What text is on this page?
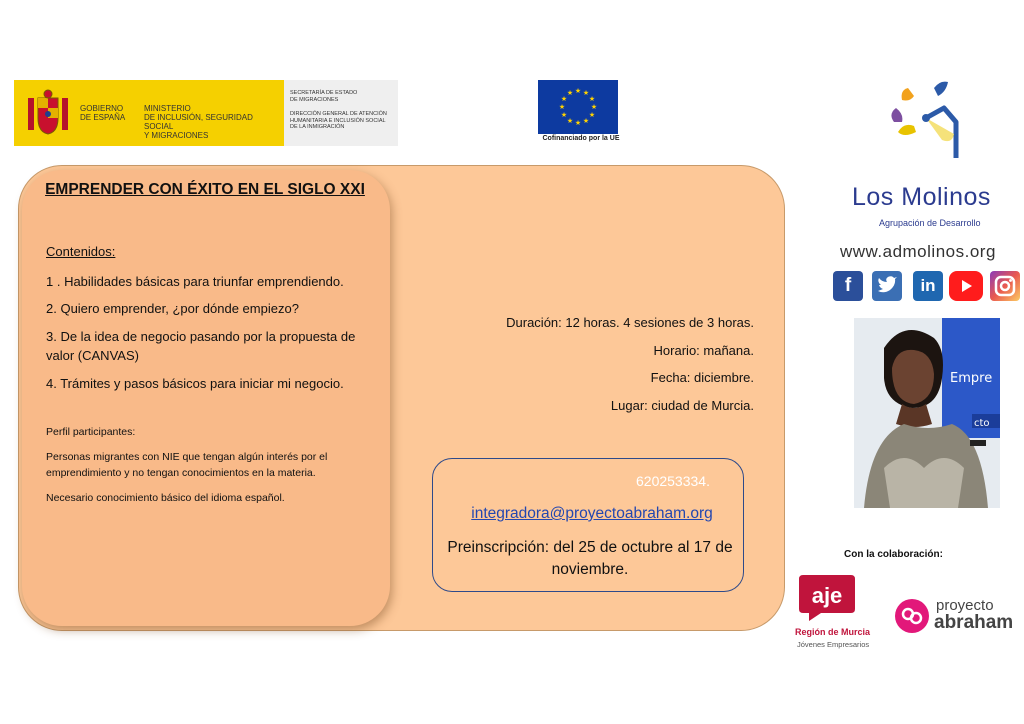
GOBIERNO
DE ESPAÑA
MINISTERIO
DE INCLUSIÓN, SEGURIDAD SOCIAL
Y MIGRACIONES
SECRETARÍA DE ESTADO
DE MIGRACIONES
DIRECCIÓN GENERAL DE ATENCIÓN
HUMANITARIA E INCLUSIÓN SOCIAL
DE LA INMIGRACIÓN
★ ★
★
★
★
★
★
★
★
★
★
★
Cofinanciado por la UE
EMPRENDER CON ÉXITO EN EL SIGLO XXI
Contenidos:
1 . Habilidades básicas para triunfar emprendiendo.
2. Quiero emprender, ¿por dónde empiezo?
3. De la idea de negocio pasando por la propuesta de valor (CANVAS)
4. Trámites y pasos básicos para iniciar mi negocio.
Perfil participantes:
Personas migrantes con NIE que tengan algún interés por el emprendimiento y no tengan conocimientos en la materia.
Necesario conocimiento básico del idioma español.
Duración: 12 horas. 4 sesiones de 3 horas.
Horario: mañana.
Fecha: diciembre.
Lugar: ciudad de Murcia.
620253334.
integradora@proyectoabraham.org
Preinscripción: del 25 de octubre al 17 de noviembre.
Los Molinos
Agrupación de Desarrollo
www.admolinos.org
f	in
Empre
cto
Con la colaboración:
aje
Región de Murcia
Jóvenes Empresarios
proyecto
abraham
